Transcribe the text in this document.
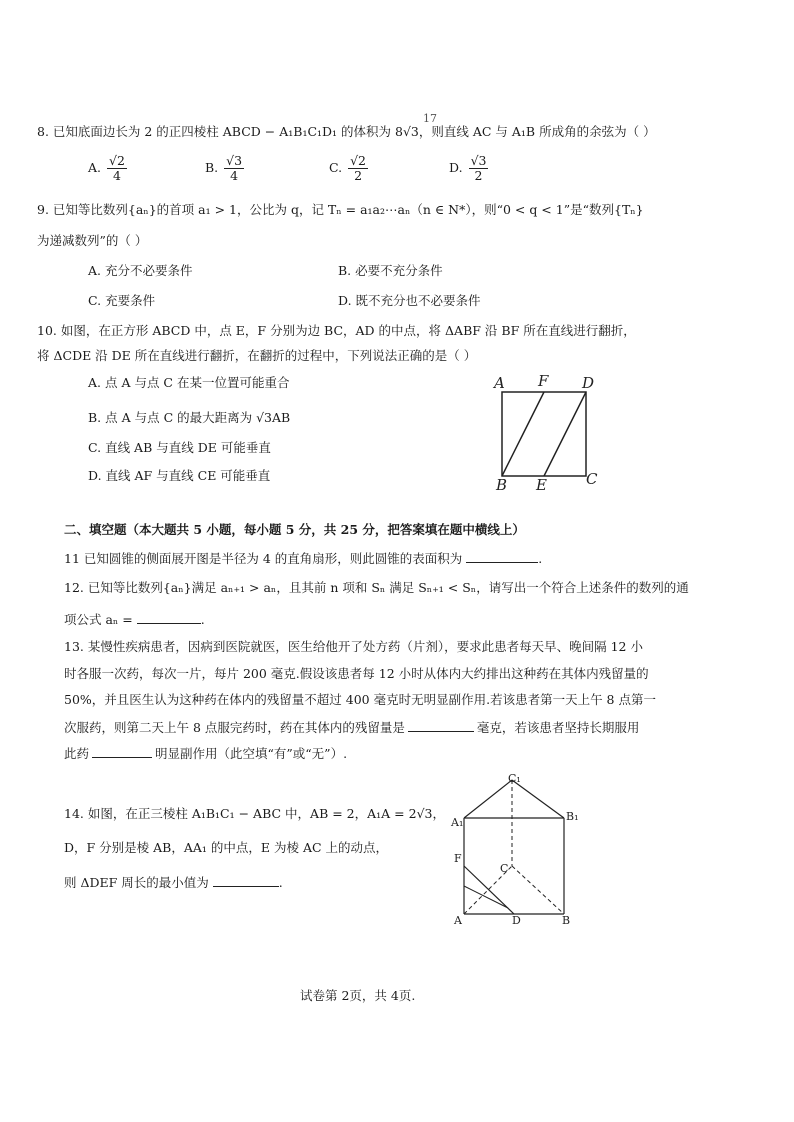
17
8. 已知底面边长为 2 的正四棱柱 ABCD − A₁B₁C₁D₁ 的体积为 8√3，则直线 AC 与 A₁B 所成角的余弦为（ ）
A. $\frac{√2}{4}$	B. $\frac{√3}{4}$	C. $\frac{√2}{2}$	D. $\frac{√3}{2}$
9. 已知等比数列{aₙ}的首项 a₁ > 1，公比为 q，记 Tₙ = a₁a₂⋯aₙ（n ∈ N*），则“0 < q < 1”是“数列{Tₙ}
为递减数列”的（ ）
A. 充分不必要条件	B. 必要不充分条件
C. 充要条件	D. 既不充分也不必要条件
10. 如图，在正方形 ABCD 中，点 E，F 分别为边 BC，AD 的中点，将 ΔABF 沿 BF 所在直线进行翻折，
将 ΔCDE 沿 DE 所在直线进行翻折，在翻折的过程中，下列说法正确的是（ ）
A. 点 A 与点 C 在某一位置可能重合
B. 点 A 与点 C 的最大距离为 √3AB
C. 直线 AB 与直线 DE 可能垂直
D. 直线 AF 与直线 CE 可能垂直
A F D
B E	C
二、填空题（本大题共 5 小题，每小题 5 分，共 25 分，把答案填在题中横线上）
11 已知圆锥的侧面展开图是半径为 4 的直角扇形，则此圆锥的表面积为	.
12. 已知等比数列{aₙ}满足 aₙ₊₁ > aₙ，且其前 n 项和 Sₙ 满足 Sₙ₊₁ < Sₙ，请写出一个符合上述条件的数列的通
项公式 aₙ =	.
13. 某慢性疾病患者，因病到医院就医，医生给他开了处方药（片剂），要求此患者每天早、晚间隔 12 小
时各服一次药，每次一片，每片 200 毫克.假设该患者每 12 小时从体内大约排出这种药在其体内残留量的
50%，并且医生认为这种药在体内的残留量不超过 400 毫克时无明显副作用.若该患者第一天上午 8 点第一
次服药，则第二天上午 8 点服完药时，药在其体内的残留量是	毫克，若该患者坚持长期服用
此药	明显副作用（此空填“有”或“无”）.
14. 如图，在正三棱柱 A₁B₁C₁ − ABC 中，AB = 2，A₁A = 2√3，
D，F 分别是棱 AB，AA₁ 的中点，E 为棱 AC 上的动点，
则 ΔDEF 周长的最小值为	.
C₁
A₁	B₁
F
C
A	D	B
试卷第 2页，共 4页.
